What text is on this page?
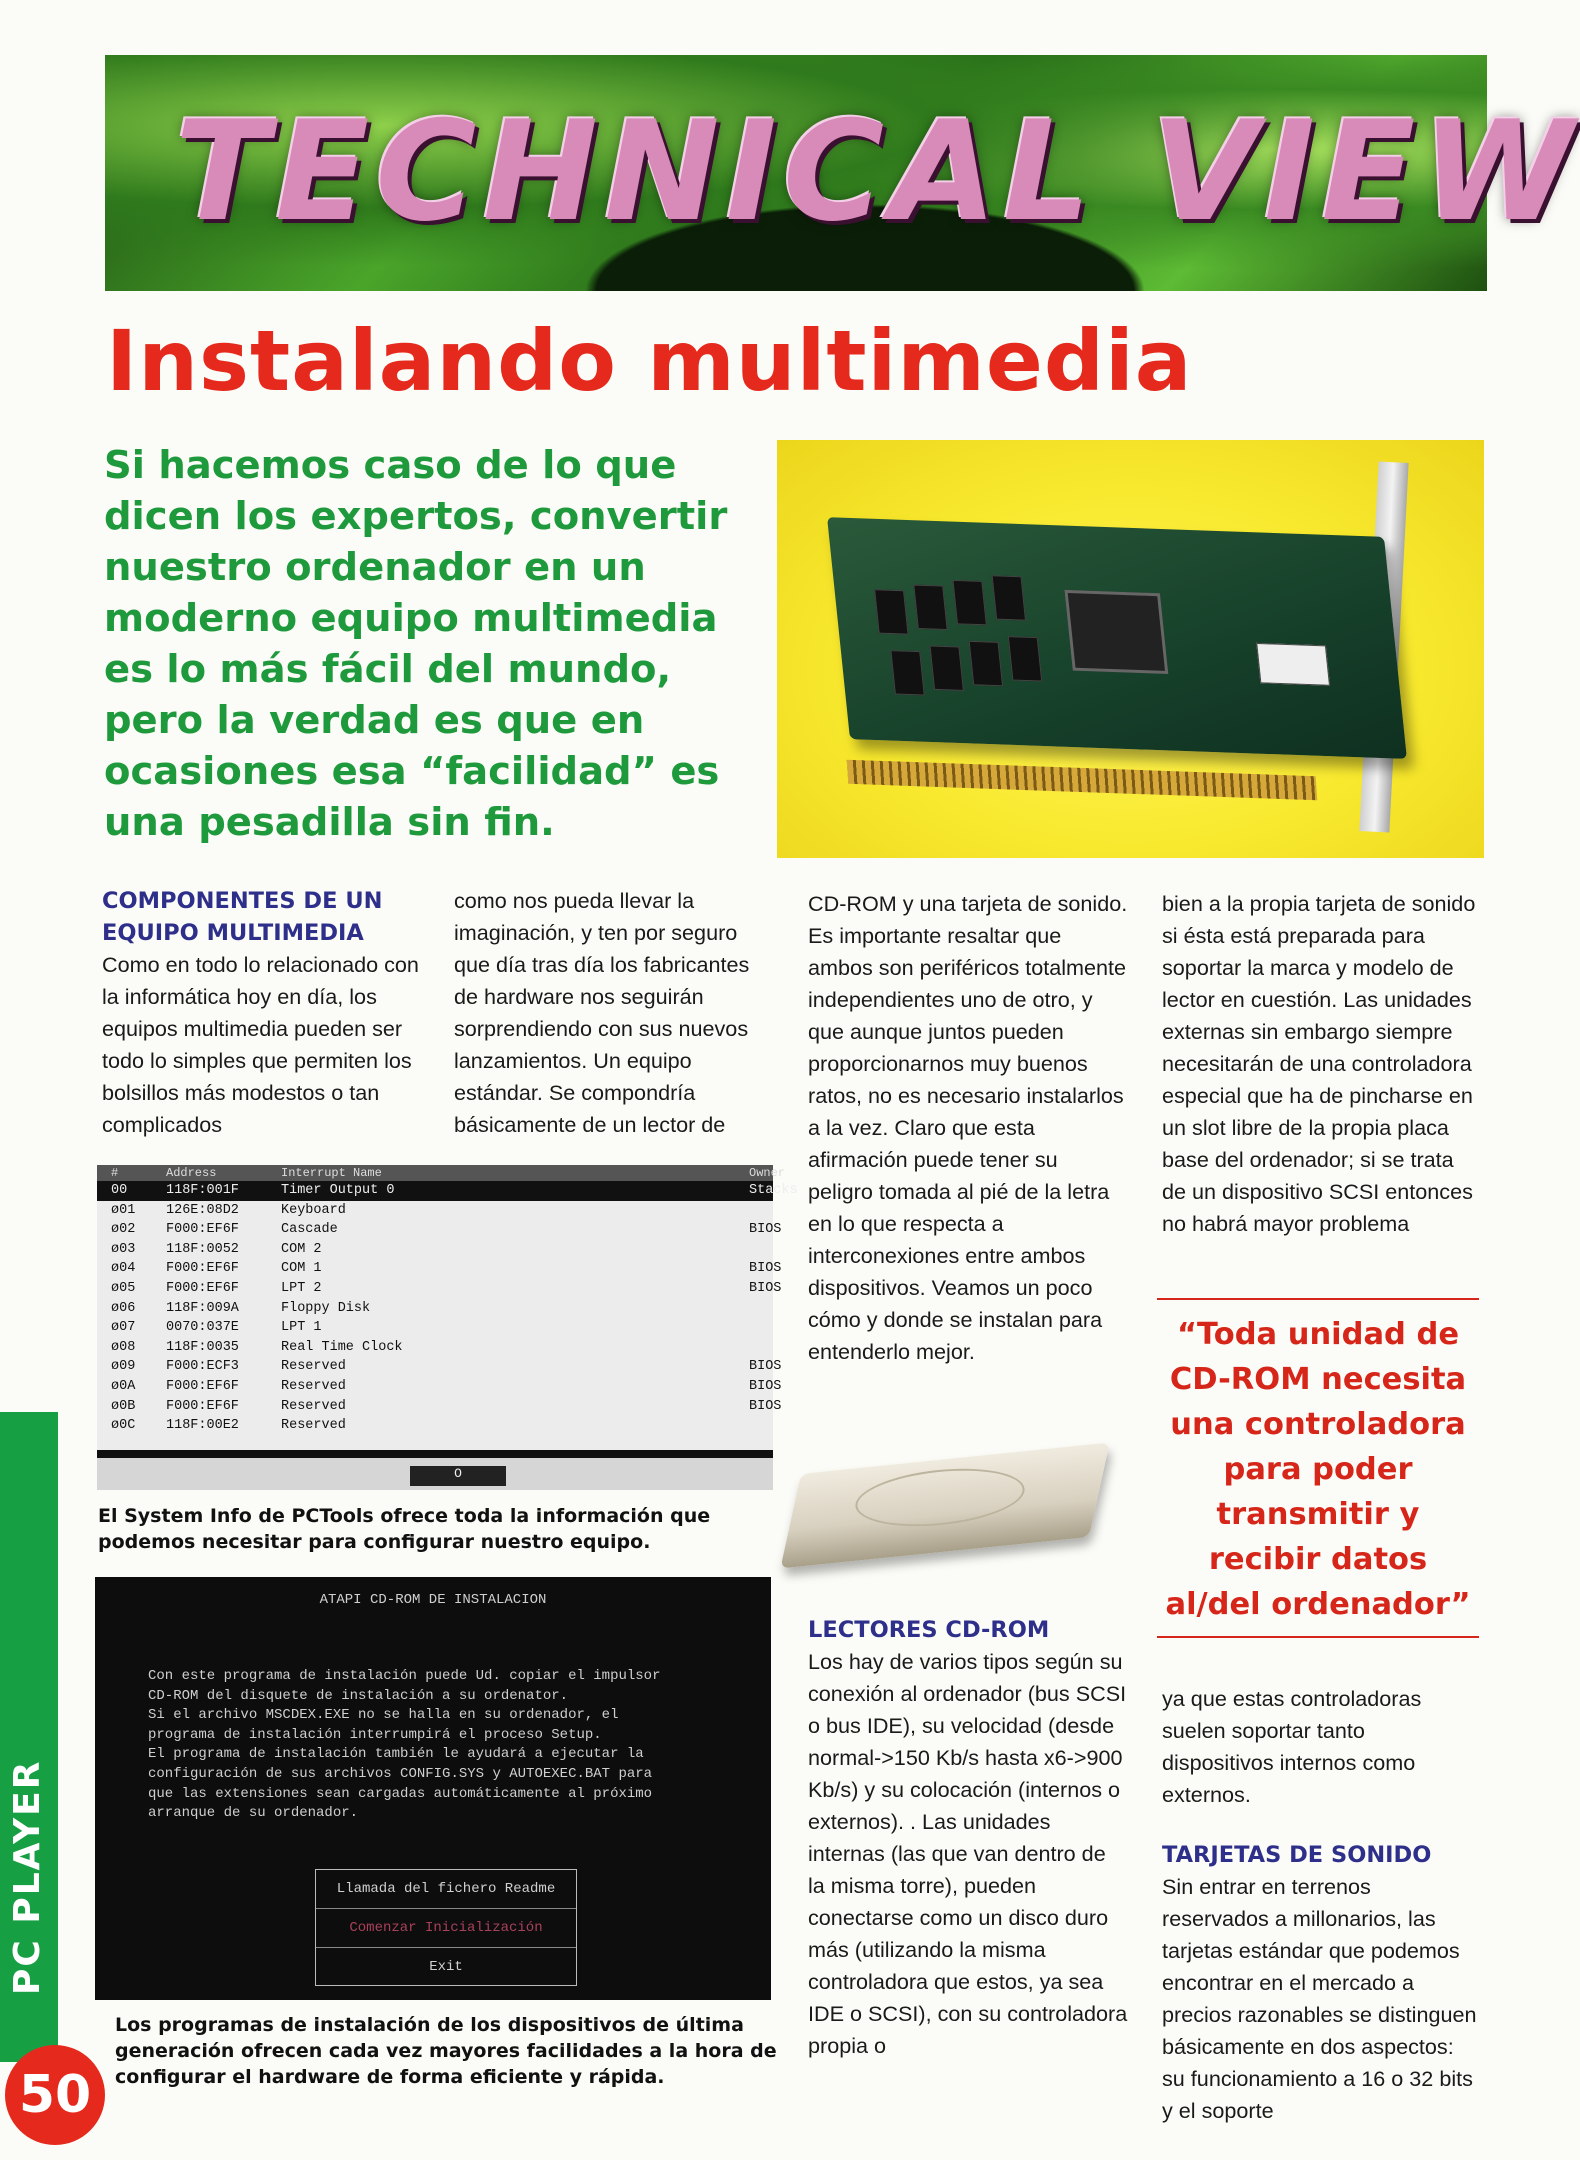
TECHNICAL VIEW
Instalando multimedia

Si hacemos caso de lo que dicen los expertos, convertir nuestro ordenador en un moderno equipo multimedia es lo más fácil del mundo, pero la verdad es que en ocasiones esa “facilidad” es una pesadilla sin fin.

COMPONENTES DE UN EQUIPO MULTIMEDIA

Como en todo lo relacionado con la informática hoy en día, los equipos multimedia pueden ser todo lo simples que permiten los bolsillos más modestos o tan complicados

como nos pueda llevar la imaginación, y ten por seguro que día tras día los fabricantes de hardware nos seguirán sorprendiendo con sus nuevos lanzamientos. Un equipo estándar. Se compondría básicamente de un lector de

CD-ROM y una tarjeta de sonido.

Es importante resaltar que ambos son periféricos totalmente independientes uno de otro, y que aunque juntos pueden proporcionarnos muy buenos ratos, no es necesario instalarlos a la vez. Claro que esta afirmación puede tener su peligro tomada al pié de la letra en lo que respecta a interconexiones entre ambos dispositivos. Veamos un poco cómo y donde se instalan para entenderlo mejor.

LECTORES CD-ROM

Los hay de varios tipos según su conexión al ordenador (bus SCSI o bus IDE), su velocidad (desde normal->150 Kb/s hasta x6->900 Kb/s) y su colocación (internos o externos). . Las unidades internas (las que van dentro de la misma torre), pueden conectarse como un disco duro más (utilizando la misma controladora que estos, ya sea IDE o SCSI), con su controladora propia o

bien a la propia tarjeta de sonido si ésta está preparada para soportar la marca y modelo de lector en cuestión. Las unidades externas sin embargo siempre necesitarán de una controladora especial que ha de pincharse en un slot libre de la propia placa base del ordenador; si se trata de un dispositivo SCSI entonces no habrá mayor problema

“Toda unidad de CD-ROM necesita una controladora para poder transmitir y recibir datos al/del ordenador”

ya que estas controladoras suelen soportar tanto dispositivos internos como externos.

TARJETAS DE SONIDO

Sin entrar en terrenos reservados a millonarios, las tarjetas estándar que podemos encontrar en el mercado a precios razonables se distinguen básicamente en dos aspectos: su funcionamiento a 16 o 32 bits y el soporte

#	Address	Interrupt Name	Owner
00	118F:001F	Timer Output 0	Stacks
ø01	126E:08D2	Keyboard
ø02	F000:EF6F	Cascade	BIOS
ø03	118F:0052	COM 2
ø04	F000:EF6F	COM 1	BIOS
ø05	F000:EF6F	LPT 2	BIOS
ø06	118F:009A	Floppy Disk
ø07	0070:037E	LPT 1
ø08	118F:0035	Real Time Clock
ø09	F000:ECF3	Reserved	BIOS
ø0A	F000:EF6F	Reserved	BIOS
ø0B	F000:EF6F	Reserved	BIOS
ø0C	118F:00E2	Reserved
O

El System Info de PCTools ofrece toda la información que podemos necesitar para configurar nuestro equipo.

ATAPI CD-ROM DE INSTALACION

Con este programa de instalación puede Ud. copiar el impulsor

CD-ROM del disquete de instalación a su ordenator.

Si el archivo MSCDEX.EXE no se halla en su ordenador, el

programa de instalación interrumpirá el proceso Setup.

El programa de instalación también le ayudará a ejecutar la

configuración de sus archivos CONFIG.SYS y AUTOEXEC.BAT para

que las extensiones sean cargadas automáticamente al próximo

arranque de su ordenador.

Llamada del fichero Readme
Comenzar Inicialización
Exit

Los programas de instalación de los dispositivos de última generación ofrecen cada vez mayores facilidades a la hora de configurar el hardware de forma eficiente y rápida.

PC PLAYER
50
